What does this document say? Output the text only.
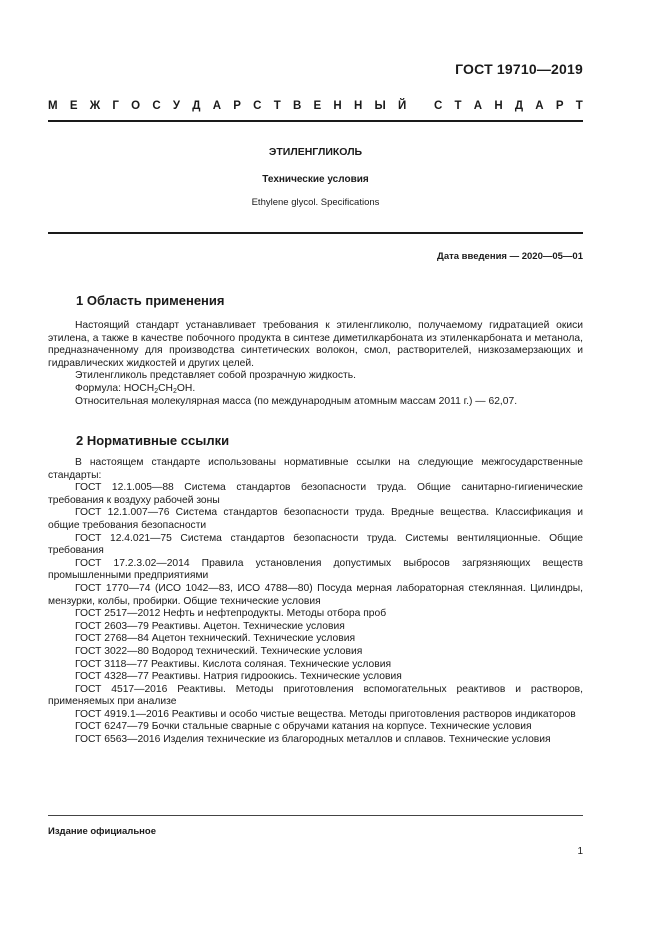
ГОСТ 19710—2019
М Е Ж Г О С У Д А Р С Т В Е Н Н Ы Й
С Т А Н Д А Р Т
ЭТИЛЕНГЛИКОЛЬ
Технические условия
Ethylene glycol. Specifications
Дата введения — 2020—05—01
1 Область применения

Настоящий стандарт устанавливает требования к этиленгликолю, получаемому гидратацией окиси этилена, а также в качестве побочного продукта в синтезе диметилкарбоната из этиленкарбоната и метанола, предназначенному для производства синтетических волокон, смол, растворителей, низкозамерзающих и гидравлических жидкостей и других целей.

Этиленгликоль представляет собой прозрачную жидкость.

Формула: $HOCH_2CH_2OH$.

Относительная молекулярная масса (по международным атомным массам 2011 г.) — 62,07.

2 Нормативные ссылки

В настоящем стандарте использованы нормативные ссылки на следующие межгосударственные стандарты:

ГОСТ 12.1.005—88 Система стандартов безопасности труда. Общие санитарно-гигиенические требования к воздуху рабочей зоны

ГОСТ 12.1.007—76 Система стандартов безопасности труда. Вредные вещества. Классификация и общие требования безопасности

ГОСТ 12.4.021—75 Система стандартов безопасности труда. Системы вентиляционные. Общие требования

ГОСТ 17.2.3.02—2014 Правила установления допустимых выбросов загрязняющих веществ промышленными предприятиями

ГОСТ 1770—74 (ИСО 1042—83, ИСО 4788—80) Посуда мерная лабораторная стеклянная. Цилиндры, мензурки, колбы, пробирки. Общие технические условия

ГОСТ 2517—2012 Нефть и нефтепродукты. Методы отбора проб

ГОСТ 2603—79 Реактивы. Ацетон. Технические условия

ГОСТ 2768—84 Ацетон технический. Технические условия

ГОСТ 3022—80 Водород технический. Технические условия

ГОСТ 3118—77 Реактивы. Кислота соляная. Технические условия

ГОСТ 4328—77 Реактивы. Натрия гидроокись. Технические условия

ГОСТ 4517—2016 Реактивы. Методы приготовления вспомогательных реактивов и растворов, применяемых при анализе

ГОСТ 4919.1—2016 Реактивы и особо чистые вещества. Методы приготовления растворов индикаторов

ГОСТ 6247—79 Бочки стальные сварные с обручами катания на корпусе. Технические условия

ГОСТ 6563—2016 Изделия технические из благородных металлов и сплавов. Технические условия

Издание официальное
1
